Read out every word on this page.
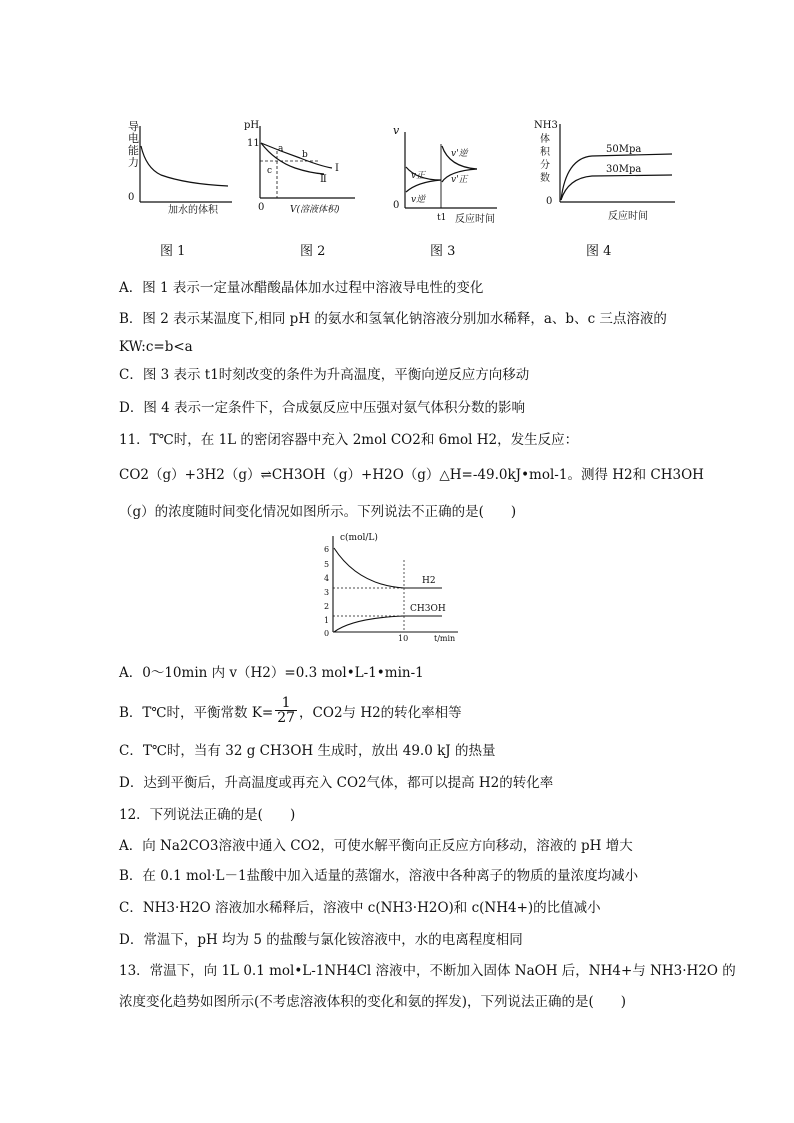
导
电
能
力
0
加水的体积
图 1
pH
11 a
b
c	I
Ⅱ
0	V(溶液体积)
图 2
v
v正
v逆
v'逆
v'正
0
t1 反应时间
图 3
NH3
体
积
分
数
50Mpa
30Mpa
0
反应时间
图 4
A．图 1 表示一定量冰醋酸晶体加水过程中溶液导电性的变化
B．图 2 表示某温度下,相同 pH 的氨水和氢氧化钠溶液分别加水稀释，a、b、c 三点溶液的
KW:c=b<a
C．图 3 表示 t1时刻改变的条件为升高温度，平衡向逆反应方向移动
D．图 4 表示一定条件下，合成氨反应中压强对氨气体积分数的影响
11．T℃时，在 1L 的密闭容器中充入 2mol CO2和 6mol H2，发生反应：
CO2（g）+3H2（g）⇌CH3OH（g）+H2O（g）△H=-49.0kJ•mol-1。测得 H2和 CH3OH
（g）的浓度随时间变化情况如图所示。下列说法不正确的是(　　)
c(mol/L)
6
5
4
3
2
1
0
H2
CH3OH
10	t/min
A．0～10min 内 v（H2）=0.3 mol•L-1•min-1
B．T℃时，平衡常数 $K= \frac{1}{27}$ ，CO2与 H2的转化率相等
C．T℃时，当有 32 g CH3OH 生成时，放出 49.0 kJ 的热量
D．达到平衡后，升高温度或再充入 CO2气体，都可以提高 H2的转化率
12．下列说法正确的是(　　)
A．向 Na2CO3溶液中通入 CO2，可使水解平衡向正反应方向移动，溶液的 pH 增大
B．在 0.1 mol·L－1盐酸中加入适量的蒸馏水，溶液中各种离子的物质的量浓度均减小
C．NH3·H2O 溶液加水稀释后，溶液中 c(NH3·H2O)和 c(NH4+)的比值减小
D．常温下，pH 均为 5 的盐酸与氯化铵溶液中，水的电离程度相同
13．常温下，向 1L 0.1 mol•L-1NH4Cl 溶液中，不断加入固体 NaOH 后，NH4+与 NH3·H2O 的
浓度变化趋势如图所示(不考虑溶液体积的变化和氨的挥发)，下列说法正确的是(　　)
